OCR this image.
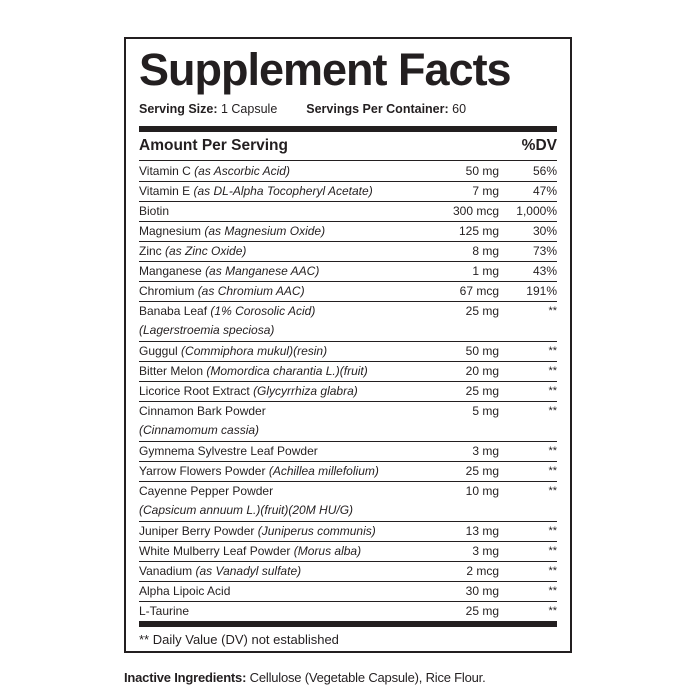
Supplement Facts
Serving Size: 1 Capsule Servings Per Container: 60
Amount Per Serving	%DV
Vitamin C (as Ascorbic Acid)	50 mg	56%
Vitamin E (as DL-Alpha Tocopheryl Acetate)	7 mg	47%
Biotin	300 mcg	1,000%
Magnesium (as Magnesium Oxide)	125 mg	30%
Zinc (as Zinc Oxide)	8 mg	73%
Manganese (as Manganese AAC)	1 mg	43%
Chromium (as Chromium AAC)	67 mcg	191%
Banaba Leaf (1% Corosolic Acid)
(Lagerstroemia speciosa)
25 mg	**
Guggul (Commiphora mukul)(resin)	50 mg	**
Bitter Melon (Momordica charantia L.)(fruit)	20 mg	**
Licorice Root Extract (Glycyrrhiza glabra)	25 mg	**
Cinnamon Bark Powder
(Cinnamomum cassia)
5 mg	**
Gymnema Sylvestre Leaf Powder	3 mg	**
Yarrow Flowers Powder (Achillea millefolium)	25 mg	**
Cayenne Pepper Powder
(Capsicum annuum L.)(fruit)(20M HU/G)
10 mg	**
Juniper Berry Powder (Juniperus communis)	13 mg	**
White Mulberry Leaf Powder (Morus alba)	3 mg	**
Vanadium (as Vanadyl sulfate)	2 mcg	**
Alpha Lipoic Acid	30 mg	**
L-Taurine	25 mg	**
** Daily Value (DV) not established
Inactive Ingredients: Cellulose (Vegetable Capsule), Rice Flour.
